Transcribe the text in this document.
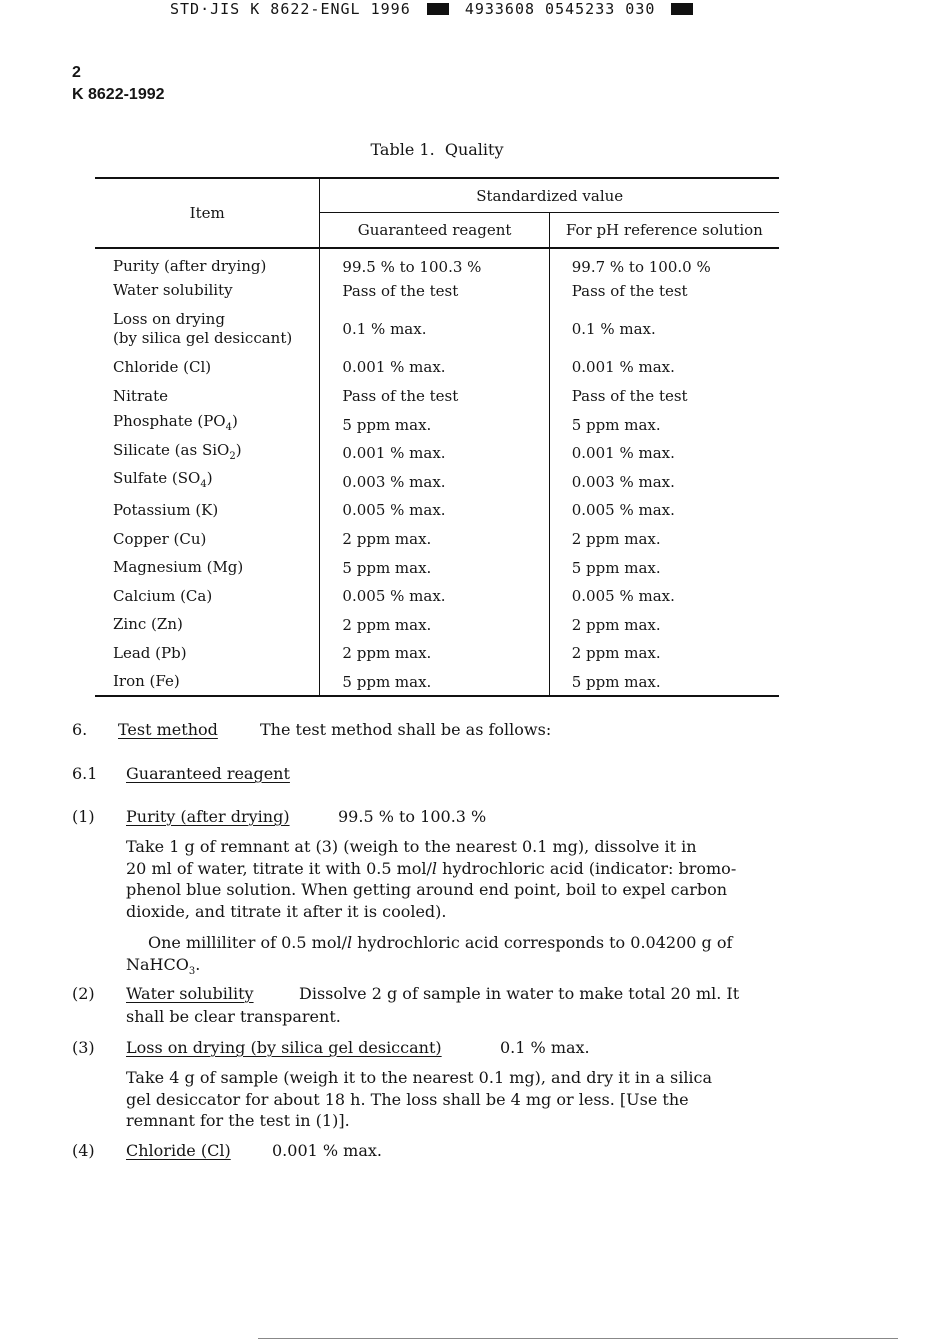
STD·JIS K 8622-ENGL 1996	4933608 0545233 030
2
K 8622-1992
Table 1.  Quality
Item	Standardized value	
	Guaranteed reagent	For pH reference solution
Purity (after drying)	99.5 % to 100.3 %	99.7 % to 100.0 %
Water solubility	Pass of the test	Pass of the test

Loss on drying
(by silica gel desiccant)	0.1 % max.	0.1 % max.
Chloride (Cl)	0.001 % max.	0.001 % max.
Nitrate	Pass of the test	Pass of the test
Phosphate $(PO_4)$	5 ppm max.	5 ppm max.
Silicate (as SiO$_2$)	0.001 % max.	0.001 % max.
Sulfate $(SO_4)$	0.003 % max.	0.003 % max.
Potassium (K)	0.005 % max.	0.005 % max.
Copper (Cu)	2 ppm max.	2 ppm max.
Magnesium (Mg)	5 ppm max.	5 ppm max.
Calcium (Ca)	0.005 % max.	0.005 % max.
Zinc (Zn)	2 ppm max.	2 ppm max.
Lead (Pb)	2 ppm max.	2 ppm max.
Iron (Fe)	5 ppm max.	5 ppm max.
6. Test method	The test method shall be as follows:
6.1 Guaranteed reagent
(1) Purity (after drying)	99.5 % to 100.3 %
Take 1 g of remnant at (3) (weigh to the nearest 0.1 mg), dissolve it in
20 ml of water, titrate it with 0.5 mol/l hydrochloric acid (indicator: bromo-
phenol blue solution. When getting around end point, boil to expel carbon
dioxide, and titrate it after it is cooled).
One milliliter of 0.5 mol/l hydrochloric acid corresponds to 0.04200 g of
NaHCO$_3$.
(2) Water solubility	Dissolve 2 g of sample in water to make total 20 ml. It
shall be clear transparent.
(3) Loss on drying (by silica gel desiccant)	0.1 % max.
Take 4 g of sample (weigh it to the nearest 0.1 mg), and dry it in a silica
gel desiccator for about 18 h. The loss shall be 4 mg or less. [Use the
remnant for the test in (1)].
(4) Chloride (Cl)	0.001 % max.
